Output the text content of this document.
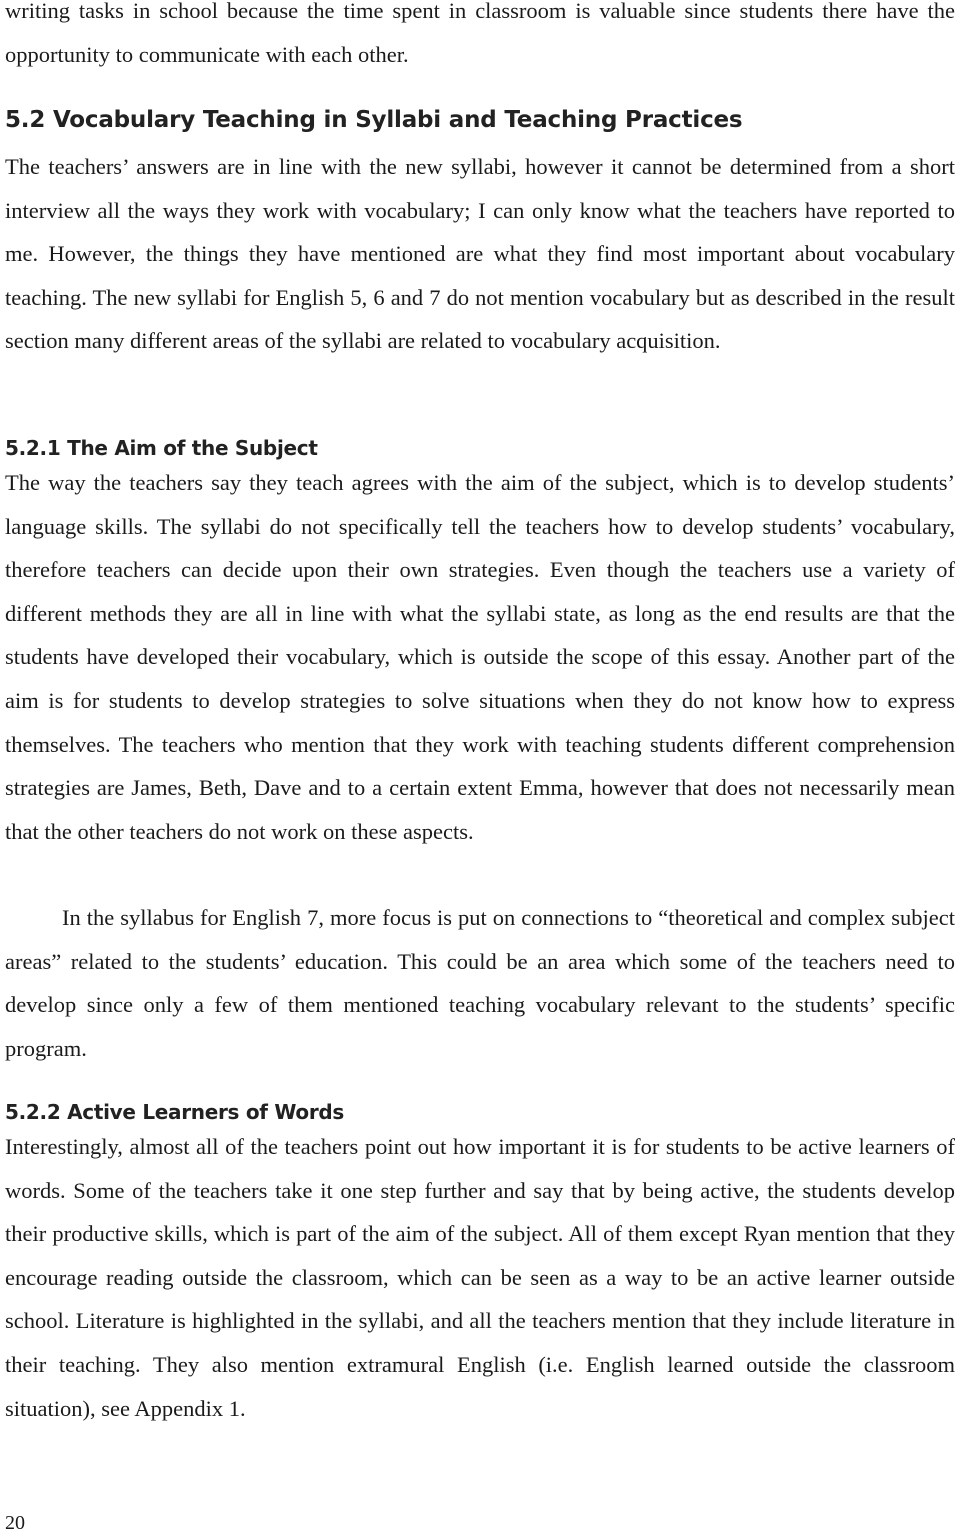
writing tasks in school because the time spent in classroom is valuable since students there have the opportunity to communicate with each other.

5.2 Vocabulary Teaching in Syllabi and Teaching Practices

The teachers’ answers are in line with the new syllabi, however it cannot be determined from a short interview all the ways they work with vocabulary; I can only know what the teachers have reported to me. However, the things they have mentioned are what they find most important about vocabulary teaching. The new syllabi for English 5, 6 and 7 do not mention vocabulary but as described in the result section many different areas of the syllabi are related to vocabulary acquisition.

5.2.1 The Aim of the Subject

The way the teachers say they teach agrees with the aim of the subject, which is to develop students’ language skills. The syllabi do not specifically tell the teachers how to develop students’ vocabulary, therefore teachers can decide upon their own strategies. Even though the teachers use a variety of different methods they are all in line with what the syllabi state, as long as the end results are that the students have developed their vocabulary, which is outside the scope of this essay. Another part of the aim is for students to develop strategies to solve situations when they do not know how to express themselves. The teachers who mention that they work with teaching students different comprehension strategies are James, Beth, Dave and to a certain extent Emma, however that does not necessarily mean that the other teachers do not work on these aspects.

In the syllabus for English 7, more focus is put on connections to “theoretical and complex subject areas” related to the students’ education. This could be an area which some of the teachers need to develop since only a few of them mentioned teaching vocabulary relevant to the students’ specific program.

5.2.2 Active Learners of Words

Interestingly, almost all of the teachers point out how important it is for students to be active learners of words. Some of the teachers take it one step further and say that by being active, the students develop their productive skills, which is part of the aim of the subject. All of them except Ryan mention that they encourage reading outside the classroom, which can be seen as a way to be an active learner outside school. Literature is highlighted in the syllabi, and all the teachers mention that they include literature in their teaching. They also mention extramural English (i.e. English learned outside the classroom situation), see Appendix 1.

20
